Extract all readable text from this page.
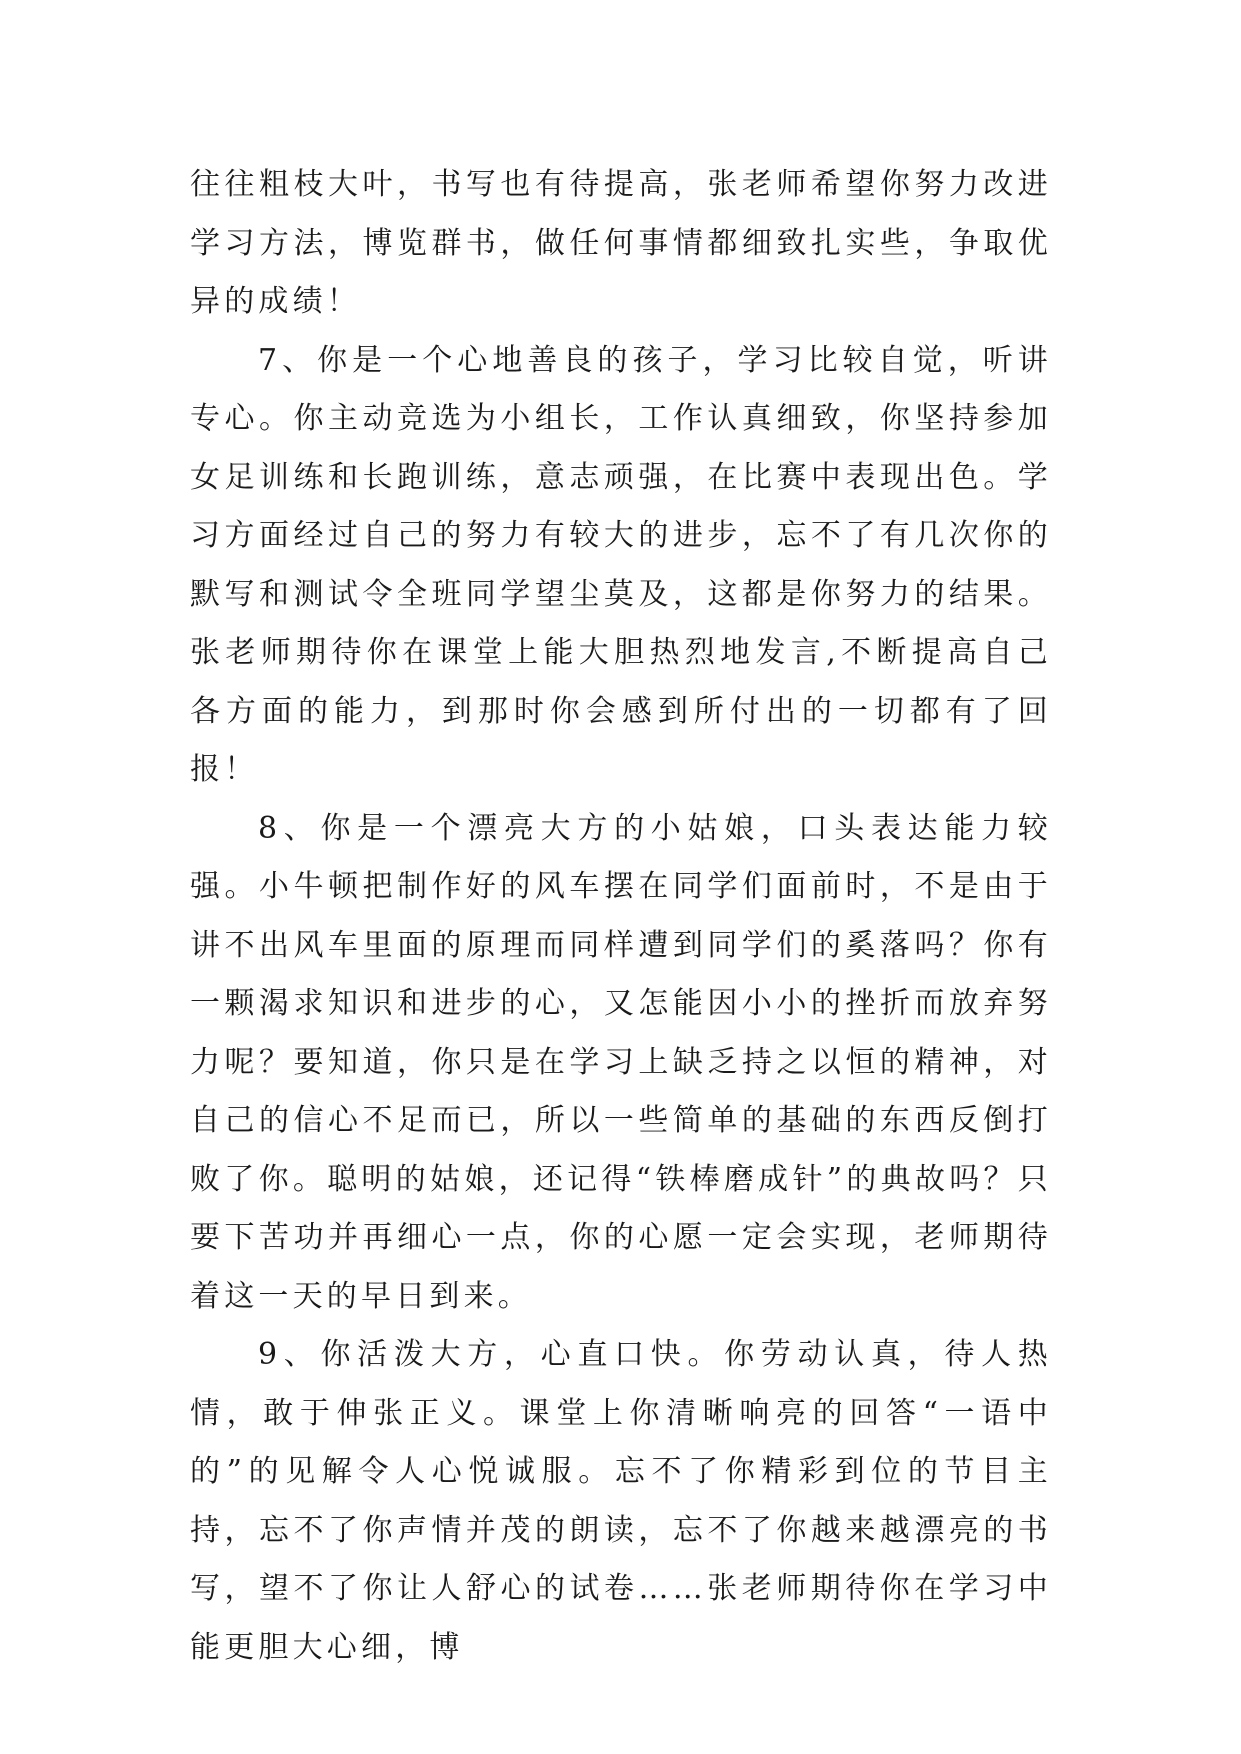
往往粗枝大叶，书写也有待提高，张老师希望你努力改进学习方法，博览群书，做任何事情都细致扎实些，争取优异的成绩！

7、你是一个心地善良的孩子，学习比较自觉，听讲专心。你主动竞选为小组长，工作认真细致，你坚持参加女足训练和长跑训练，意志顽强，在比赛中表现出色。学习方面经过自己的努力有较大的进步，忘不了有几次你的默写和测试令全班同学望尘莫及，这都是你努力的结果。张老师期待你在课堂上能大胆热烈地发言,不断提高自己各方面的能力，到那时你会感到所付出的一切都有了回报！

8、你是一个漂亮大方的小姑娘，口头表达能力较强。小牛顿把制作好的风车摆在同学们面前时，不是由于讲不出风车里面的原理而同样遭到同学们的奚落吗？你有一颗渴求知识和进步的心，又怎能因小小的挫折而放弃努力呢？要知道，你只是在学习上缺乏持之以恒的精神，对自己的信心不足而已，所以一些简单的基础的东西反倒打败了你。聪明的姑娘，还记得“铁棒磨成针”的典故吗？只要下苦功并再细心一点，你的心愿一定会实现，老师期待着这一天的早日到来。

9、你活泼大方，心直口快。你劳动认真，待人热情，敢于伸张正义。课堂上你清晰响亮的回答“一语中的”的见解令人心悦诚服。忘不了你精彩到位的节目主持，忘不了你声情并茂的朗读，忘不了你越来越漂亮的书写，望不了你让人舒心的试卷……张老师期待你在学习中能更胆大心细，博
